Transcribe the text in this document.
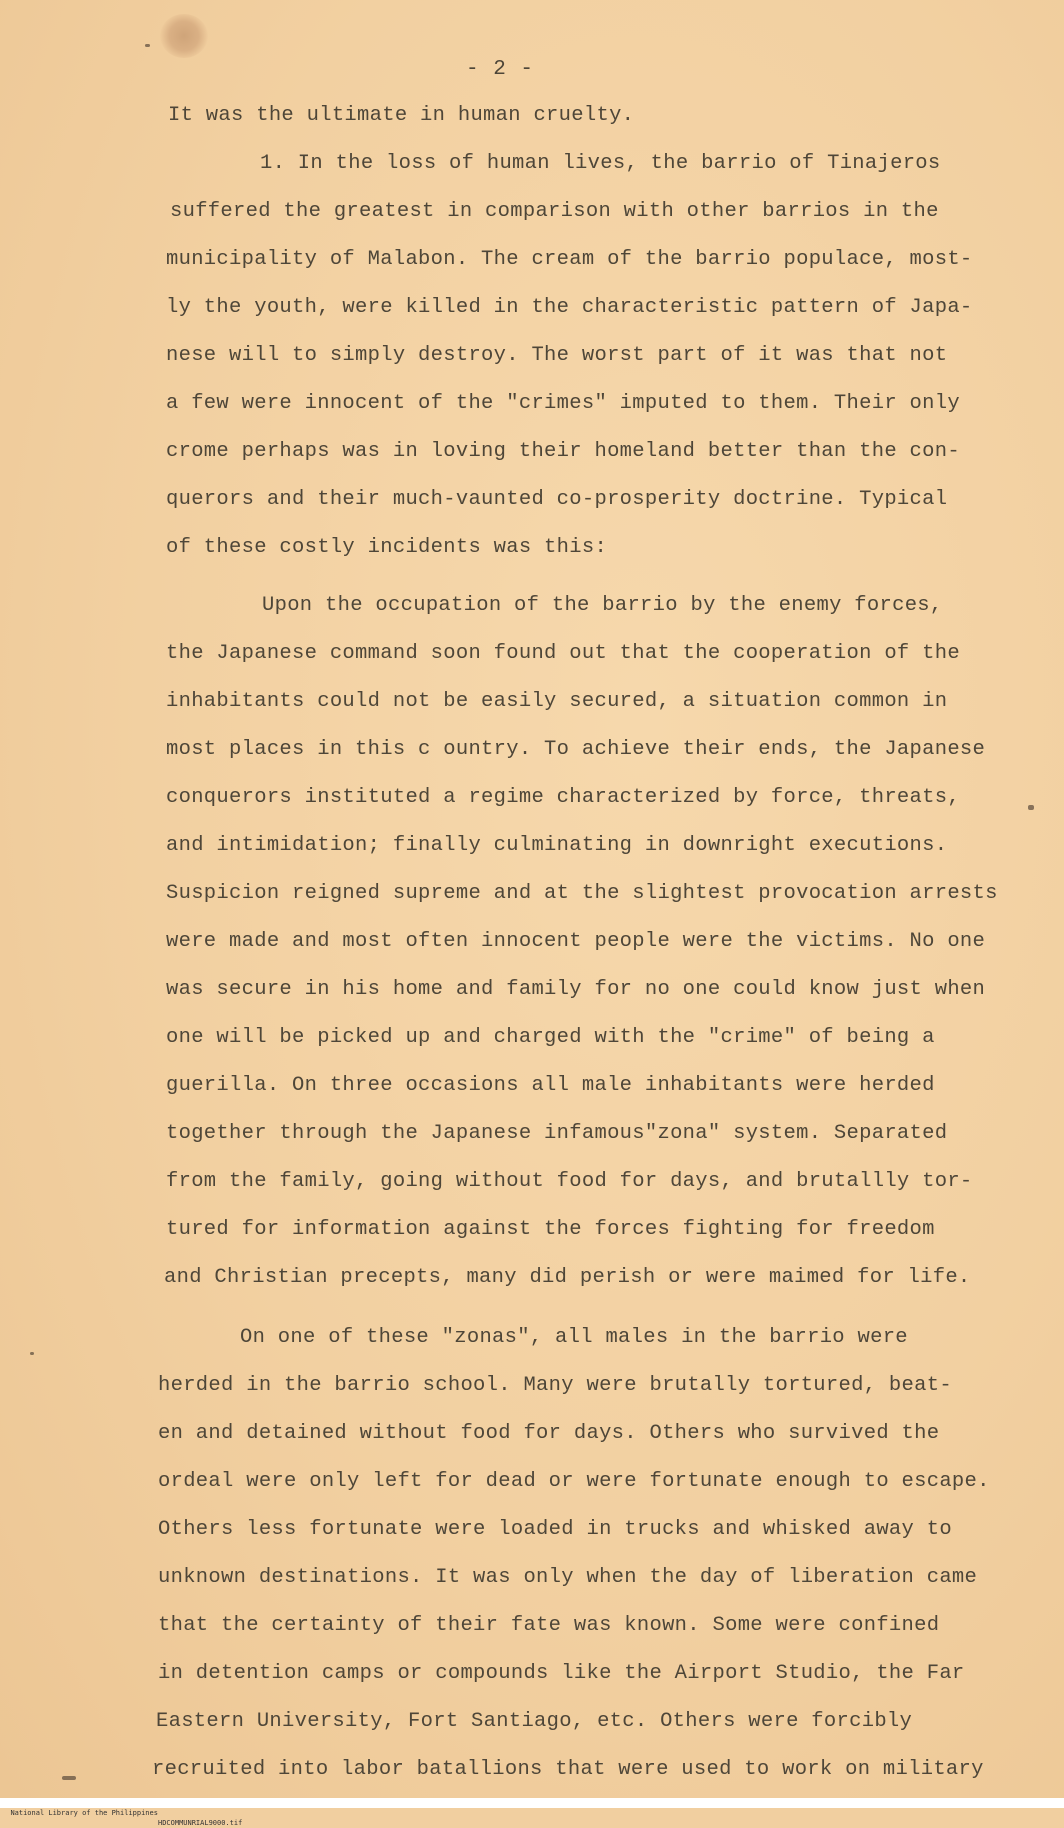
- 2 -
It was the ultimate in human cruelty.
1. In the loss of human lives, the barrio of Tinajeros
suffered the greatest in comparison with other barrios in the
municipality of Malabon. The cream of the barrio populace, most-
ly the youth, were killed in the characteristic pattern of Japa-
nese will to simply destroy. The worst part of it was that not
a few were innocent of the "crimes" imputed to them. Their only
crome perhaps was in loving their homeland better than the con-
querors and their much-vaunted co-prosperity doctrine. Typical
of these costly incidents was this:
Upon the occupation of the barrio by the enemy forces,
the Japanese command soon found out that the cooperation of the
inhabitants could not be easily secured, a situation common in
most places in this c ountry. To achieve their ends, the Japanese
conquerors instituted a regime characterized by force, threats,
and intimidation; finally culminating in downright executions.
Suspicion reigned supreme and at the slightest provocation arrests
were made and most often innocent people were the victims. No one
was secure in his home and family for no one could know just when
one will be picked up and charged with the "crime" of being a
guerilla. On three occasions all male inhabitants were herded
together through the Japanese infamous"zona" system. Separated
from the family, going without food for days, and brutallly tor-
tured for information against the forces fighting for freedom
and Christian precepts, many did perish or were maimed for life.
On one of these "zonas", all males in the barrio were
herded in the barrio school. Many were brutally tortured, beat-
en and detained without food for days. Others who survived the
ordeal were only left for dead or were fortunate enough to escape.
Others less fortunate were loaded in trucks and whisked away to
unknown destinations. It was only when the day of liberation came
that the certainty of their fate was known. Some were confined
in detention camps or compounds like the Airport Studio, the Far
Eastern University, Fort Santiago, etc. Others were forcibly
recruited into labor batallions that were used to work on military

National Library of the Philippines

HDCOMMUNRIAL9000.tif
